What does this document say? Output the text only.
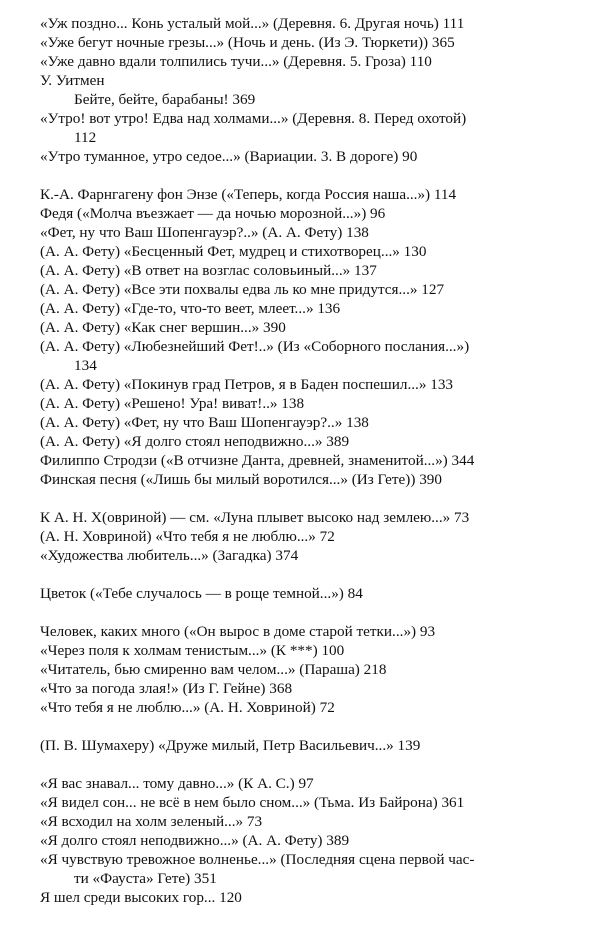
«Уж поздно... Конь усталый мой...» (Деревня. 6. Другая ночь) 111
«Уже бегут ночные грезы...» (Ночь и день. (Из Э. Тюркети)) 365
«Уже давно вдали толпились тучи...» (Деревня. 5. Гроза) 110
У. Уитмен
Бейте, бейте, барабаны! 369
«Утро! вот утро! Едва над холмами...» (Деревня. 8. Перед охотой)
112
«Утро туманное, утро седое...» (Вариации. 3. В дороге) 90
К.-А. Фарнгагену фон Энзе («Теперь, когда Россия наша...») 114
Федя («Молча въезжает — да ночью морозной...») 96
«Фет, ну что Ваш Шопенгауэр?..» (А. А. Фету) 138
(А. А. Фету) «Бесценный Фет, мудрец и стихотворец...» 130
(А. А. Фету) «В ответ на возглас соловьиный...» 137
(А. А. Фету) «Все эти похвалы едва ль ко мне придутся...» 127
(А. А. Фету) «Где-то, что-то веет, млеет...» 136
(А. А. Фету) «Как снег вершин...» 390
(А. А. Фету) «Любезнейший Фет!..» (Из «Соборного послания...»)
134
(А. А. Фету) «Покинув град Петров, я в Баден поспешил...» 133
(А. А. Фету) «Решено! Ура! виват!..» 138
(А. А. Фету) «Фет, ну что Ваш Шопенгауэр?..» 138
(А. А. Фету) «Я долго стоял неподвижно...» 389
Филиппо Стродзи («В отчизне Данта, древней, знаменитой...») 344
Финская песня («Лишь бы милый воротился...» (Из Гете)) 390
К А. Н. Х(овриной) — см. «Луна плывет высоко над землею...» 73
(А. Н. Ховриной) «Что тебя я не люблю...» 72
«Художества любитель...» (Загадка) 374
Цветок («Тебе случалось — в роще темной...») 84
Человек, каких много («Он вырос в доме старой тетки...») 93
«Через поля к холмам тенистым...» (К ***) 100
«Читатель, бью смиренно вам челом...» (Параша) 218
«Что за погода злая!» (Из Г. Гейне) 368
«Что тебя я не люблю...» (А. Н. Ховриной) 72
(П. В. Шумахеру) «Друже милый, Петр Васильевич...» 139
«Я вас знавал... тому давно...» (К А. С.) 97
«Я видел сон... не всё в нем было сном...» (Тьма. Из Байрона) 361
«Я всходил на холм зеленый...» 73
«Я долго стоял неподвижно...» (А. А. Фету) 389
«Я чувствую тревожное волненье...» (Последняя сцена первой час-
ти «Фауста» Гете) 351
Я шел среди высоких гор... 120
